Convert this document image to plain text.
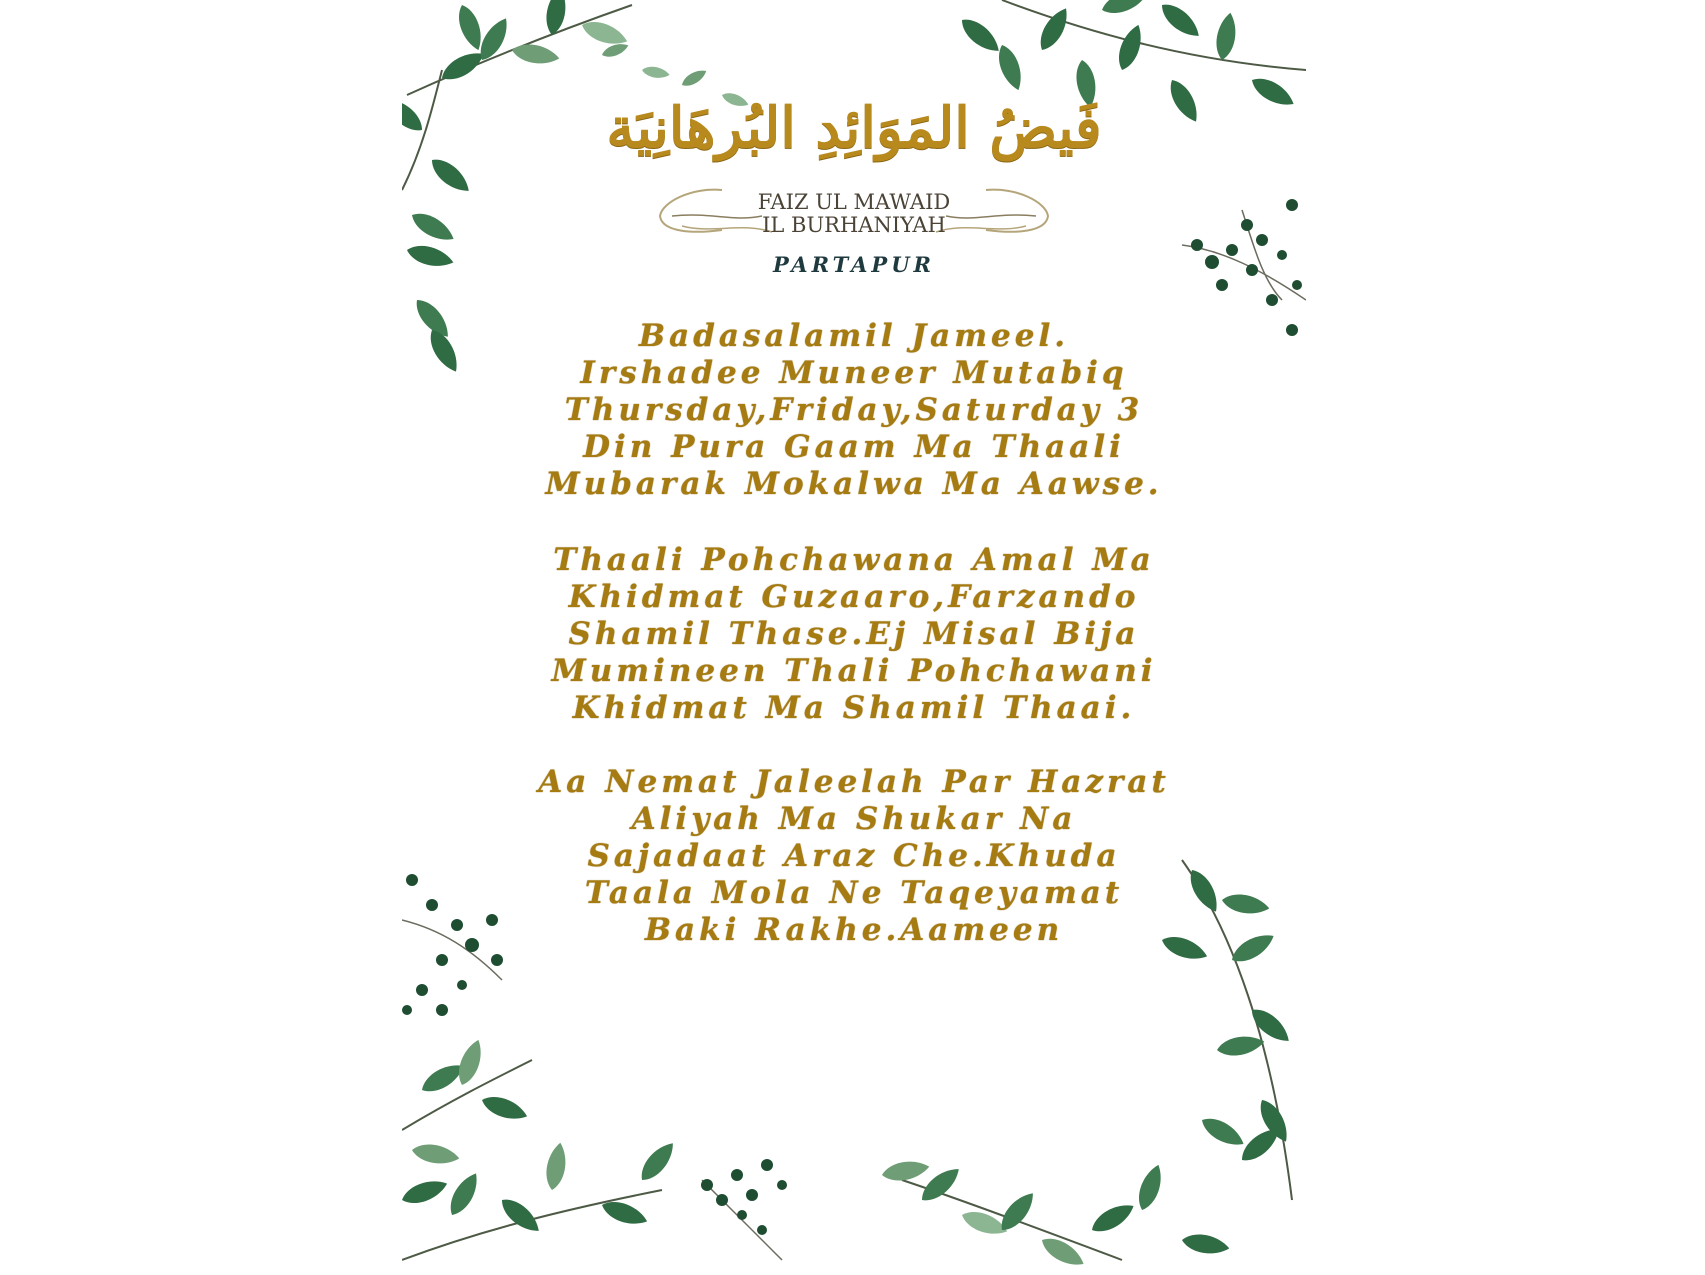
فَيضُ المَوَائِدِ البُرهَانِيَة
FAIZ UL MAWAID
IL BURHANIYAH
PARTAPUR
Badasalamil Jameel.
Irshadee Muneer Mutabiq
Thursday,Friday,Saturday 3
Din Pura Gaam Ma Thaali
Mubarak Mokalwa Ma Aawse.
Thaali Pohchawana Amal Ma
Khidmat Guzaaro,Farzando
Shamil Thase.Ej Misal Bija
Mumineen Thali Pohchawani
Khidmat Ma Shamil Thaai.
Aa Nemat Jaleelah Par Hazrat
Aliyah Ma Shukar Na
Sajadaat Araz Che.Khuda
Taala Mola Ne Taqeyamat
Baki Rakhe.Aameen
